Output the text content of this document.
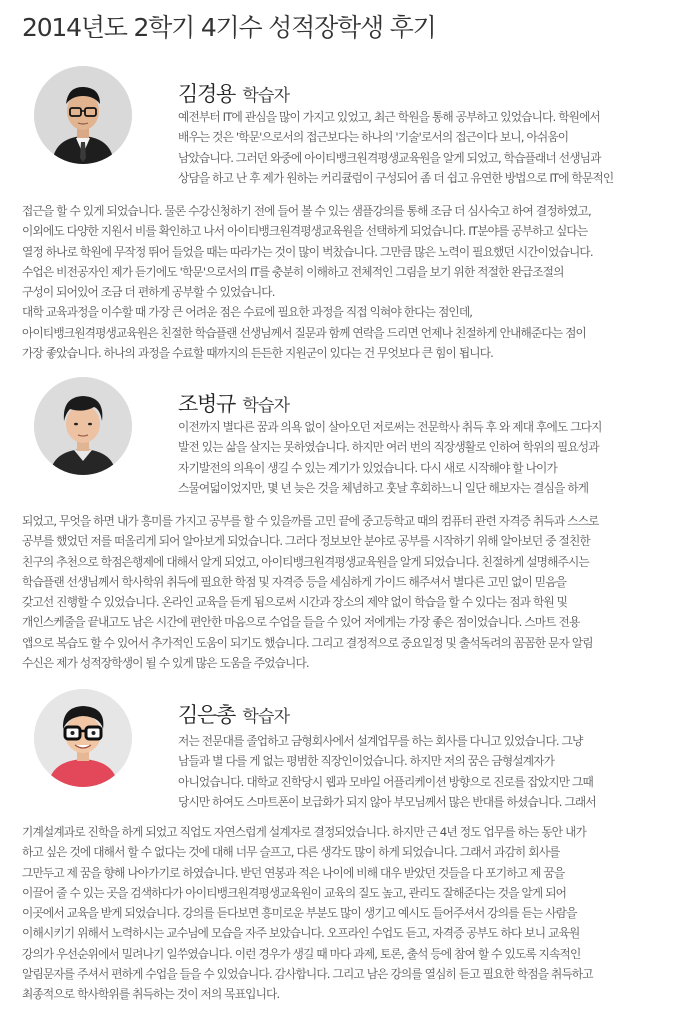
2014년도 2학기 4기수 성적장학생 후기
김경용 학습자

예전부터 IT에 관심을 많이 가지고 있었고, 최근 학원을 통해 공부하고 있었습니다. 학원에서

배우는 것은 '학문'으로서의 접근보다는 하나의 '기술'로서의 접근이다 보니, 아쉬움이

남았습니다. 그러던 와중에 아이티뱅크원격평생교육원을 알게 되었고, 학습플래너 선생님과

상담을 하고 난 후 제가 원하는 커리큘럼이 구성되어 좀 더 쉽고 유연한 방법으로 IT에 학문적인

접근을 할 수 있게 되었습니다. 물론 수강신청하기 전에 들어 볼 수 있는 샘플강의를 통해 조금 더 심사숙고 하여 결정하였고,

이외에도 다양한 지원서 비를 확인하고 나서 아이티뱅크원격평생교육원을 선택하게 되었습니다. IT분야를 공부하고 싶다는

열정 하나로 학원에 무작정 뛰어 들었을 때는 따라가는 것이 많이 벅찼습니다. 그만큼 많은 노력이 필요했던 시간이었습니다.

수업은 비전공자인 제가 듣기에도 '학문'으로서의 IT를 충분히 이해하고 전체적인 그림을 보기 위한 적절한 완급조절의

구성이 되어있어 조금 더 편하게 공부할 수 있었습니다.

대학 교육과정을 이수할 때 가장 큰 어려운 점은 수료에 필요한 과정을 직접 익혀야 한다는 점인데,

아이티뱅크원격평생교육원은 친절한 학습플랜 선생님께서 질문과 함께 연락을 드리면 언제나 친절하게 안내해준다는 점이

가장 좋았습니다. 하나의 과정을 수료할 때까지의 든든한 지원군이 있다는 건 무엇보다 큰 힘이 됩니다.

조병규 학습자

이전까지 별다른 꿈과 의욕 없이 살아오던 저로써는 전문학사 취득 후 와 제대 후에도 그다지

발전 있는 삶을 살지는 못하였습니다. 하지만 여러 번의 직장생활로 인하여 학위의 필요성과

자기발전의 의욕이 생길 수 있는 계기가 있었습니다. 다시 새로 시작해야 할 나이가

스물여덟이었지만, 몇 년 늦은 것을 체념하고 훗날 후회하느니 일단 해보자는 결심을 하게

되었고, 무엇을 하면 내가 흥미를 가지고 공부를 할 수 있을까를 고민 끝에 중고등학교 때의 컴퓨터 관련 자격증 취득과 스스로

공부를 했었던 저를 떠올리게 되어 알아보게 되었습니다. 그러다 정보보안 분야로 공부를 시작하기 위해 알아보던 중 절친한

친구의 추천으로 학점은행제에 대해서 알게 되었고, 아이티뱅크원격평생교육원을 알게 되었습니다. 친절하게 설명해주시는

학습플랜 선생님께서 학사학위 취득에 필요한 학점 및 자격증 등을 세심하게 가이드 해주셔서 별다른 고민 없이 믿음을

갖고선 진행할 수 있었습니다. 온라인 교육을 듣게 됨으로써 시간과 장소의 제약 없이 학습을 할 수 있다는 점과 학원 및

개인스케줄을 끝내고도 남은 시간에 편안한 마음으로 수업을 들을 수 있어 저에게는 가장 좋은 점이었습니다. 스마트 전용

앱으로 복습도 할 수 있어서 추가적인 도움이 되기도 했습니다. 그리고 결정적으로 중요일정 및 출석독려의 꼼꼼한 문자 알림

수신은 제가 성적장학생이 될 수 있게 많은 도움을 주었습니다.

김은총 학습자

저는 전문대를 졸업하고 금형회사에서 설계업무를 하는 회사를 다니고 있었습니다. 그냥

남들과 별 다를 게 없는 평범한 직장인이었습니다. 하지만 저의 꿈은 금형설계자가

아니었습니다. 대학교 진학당시 웹과 모바일 어플리케이션 방향으로 진로를 잡았지만 그때

당시만 하여도 스마트폰이 보급화가 되지 않아 부모님께서 많은 반대를 하셨습니다. 그래서

기계설계과로 진학을 하게 되었고 직업도 자연스럽게 설계자로 결정되었습니다. 하지만 근 4년 정도 업무를 하는 동안 내가

하고 싶은 것에 대해서 할 수 없다는 것에 대해 너무 슬프고, 다른 생각도 많이 하게 되었습니다. 그래서 과감히 회사를

그만두고 제 꿈을 향해 나아가기로 하였습니다. 받던 연봉과 적은 나이에 비해 대우 받았던 것들을 다 포기하고 제 꿈을

이끌어 줄 수 있는 곳을 검색하다가 아이티뱅크원격평생교육원이 교육의 질도 높고, 관리도 잘해준다는 것을 알게 되어

이곳에서 교육을 받게 되었습니다. 강의를 듣다보면 흥미로운 부분도 많이 생기고 예시도 들어주셔서 강의를 듣는 사람을

이해시키기 위해서 노력하시는 교수님에 모습을 자주 보았습니다. 오프라인 수업도 듣고, 자격증 공부도 하다 보니 교육원

강의가 우선순위에서 밀려나기 일쑤였습니다. 이런 경우가 생길 때 마다 과제, 토론, 출석 등에 참여 할 수 있도록 지속적인

알림문자를 주셔서 편하게 수업을 들을 수 있었습니다. 감사합니다. 그리고 남은 강의를 열심히 듣고 필요한 학점을 취득하고

최종적으로 학사학위를 취득하는 것이 저의 목표입니다.
